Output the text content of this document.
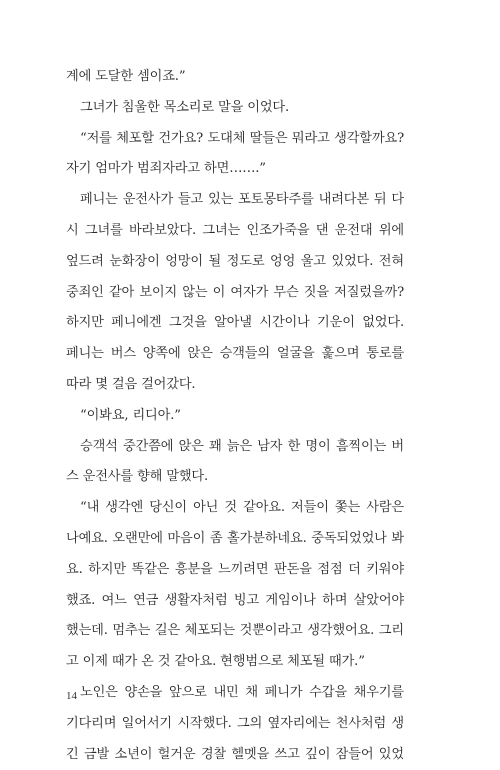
계에 도달한 셈이죠.”
그녀가 침울한 목소리로 말을 이었다.
“저를 체포할 건가요? 도대체 딸들은 뭐라고 생각할까요?
자기 엄마가 범죄자라고 하면…….”
페니는 운전사가 들고 있는 포토몽타주를 내려다본 뒤 다
시 그녀를 바라보았다. 그녀는 인조가죽을 댄 운전대 위에
엎드려 눈화장이 엉망이 될 정도로 엉엉 울고 있었다. 전혀
중죄인 같아 보이지 않는 이 여자가 무슨 짓을 저질렀을까?
하지만 페니에겐 그것을 알아낼 시간이나 기운이 없었다.
페니는 버스 양쪽에 앉은 승객들의 얼굴을 훑으며 통로를
따라 몇 걸음 걸어갔다.
“이봐요, 리디아.”
승객석 중간쯤에 앉은 꽤 늙은 남자 한 명이 흠찍이는 버
스 운전사를 향해 말했다.
“내 생각엔 당신이 아닌 것 같아요. 저들이 쫓는 사람은
나예요. 오랜만에 마음이 좀 홀가분하네요. 중독되었었나 봐
요. 하지만 똑같은 흥분을 느끼려면 판돈을 점점 더 키워야
했죠. 여느 연금 생활자처럼 빙고 게임이나 하며 살았어야
했는데. 멈추는 길은 체포되는 것뿐이라고 생각했어요. 그리
고 이제 때가 온 것 같아요. 현행범으로 체포될 때가.”
노인은 양손을 앞으로 내민 채 페니가 수갑을 채우기를
기다리며 일어서기 시작했다. 그의 옆자리에는 천사처럼 생
긴 금발 소년이 헐거운 경찰 헬멧을 쓰고 깊이 잠들어 있었
14
